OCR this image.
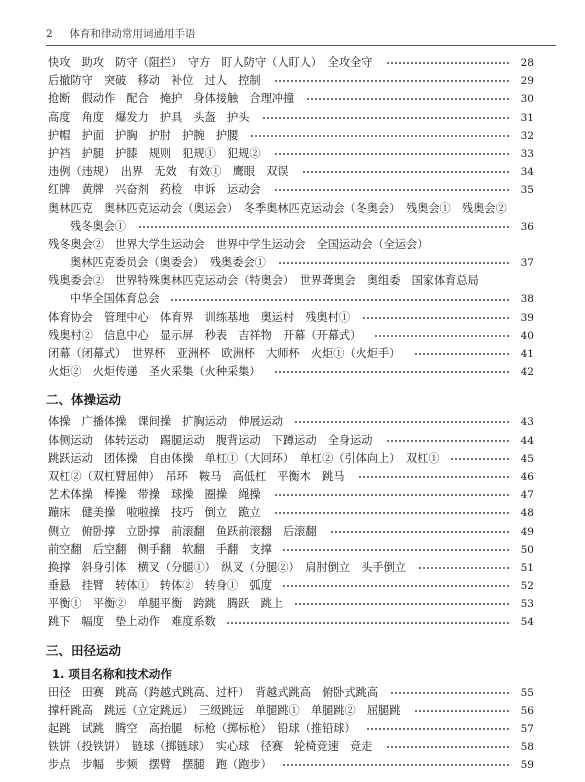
2 体育和律动常用词通用手语
快攻　助攻　防守（阻拦）　守方　盯人防守（人盯人）　全攻全守	28
后撤防守　突破　移动　补位　过人　控制	29
抢断　假动作　配合　掩护　身体接触　合理冲撞	30
高度　角度　爆发力　护具　头盔　护头	31
护帽　护面　护胸　护肘　护腕　护腰	32
护裆　护腿　护膝　规则　犯规①　犯规②	33
违例（违规）　出界　无效　有效①　鹰眼　双误	34
红牌　黄牌　兴奋剂　药检　申诉　运动会	35
奥林匹克　奥林匹克运动会（奥运会）　冬季奥林匹克运动会（冬奥会）　残奥会①　残奥会②
残冬奥会①	36
残冬奥会②　世界大学生运动会　世界中学生运动会　全国运动会（全运会）
奥林匹克委员会（奥委会）　残奥委会①	37
残奥委会②　世界特殊奥林匹克运动会（特奥会）　世界聋奥会　奥组委　国家体育总局
中华全国体育总会	38
体育协会　管理中心　体育界　训练基地　奥运村　残奥村①	39
残奥村②　信息中心　显示屏　秒表　吉祥物　开幕（开幕式）	40
闭幕（闭幕式）　世界杯　亚洲杯　欧洲杯　大师杯　火炬①（火炬手）	41
火炬②　火炬传递　圣火采集（火种采集）	42
二、体操运动
体操　广播体操　课间操　扩胸运动　伸展运动	43
体侧运动　体转运动　踢腿运动　腹背运动　下蹲运动　全身运动	44
跳跃运动　团体操　自由体操　单杠①（大回环）　单杠②（引体向上）　双杠①	45
双杠②（双杠臂屈伸）　吊环　鞍马　高低杠　平衡木　跳马	46
艺术体操　棒操　带操　球操　圈操　绳操	47
蹦床　健美操　啦啦操　技巧　倒立　跪立	48
侧立　俯卧撑　立卧撑　前滚翻　鱼跃前滚翻　后滚翻	49
前空翻　后空翻　侧手翻　软翻　手翻　支撑	50
换撑　斜身引体　横叉（分腿①）　纵叉（分腿②）　肩肘倒立　头手倒立	51
垂悬　挂臂　转体①　转体②　转身①　弧度	52
平衡①　平衡②　单腿平衡　跨跳　腾跃　跳上	53
跳下　幅度　垫上动作　难度系数	54
三、田径运动
1. 项目名称和技术动作
田径　田赛　跳高（跨越式跳高、过杆）　背越式跳高　俯卧式跳高	55
撑杆跳高　跳远（立定跳远）　三级跳远　单腿跳①　单腿跳②　屈腿跳	56
起跳　试跳　腾空　高抬腿　标枪（掷标枪）　铅球（推铅球）	57
铁饼（投铁饼）　链球（掷链球）　实心球　径赛　轮椅竞速　竞走	58
步点　步幅　步频　摆臂　摆腿　跑（跑步）	59
